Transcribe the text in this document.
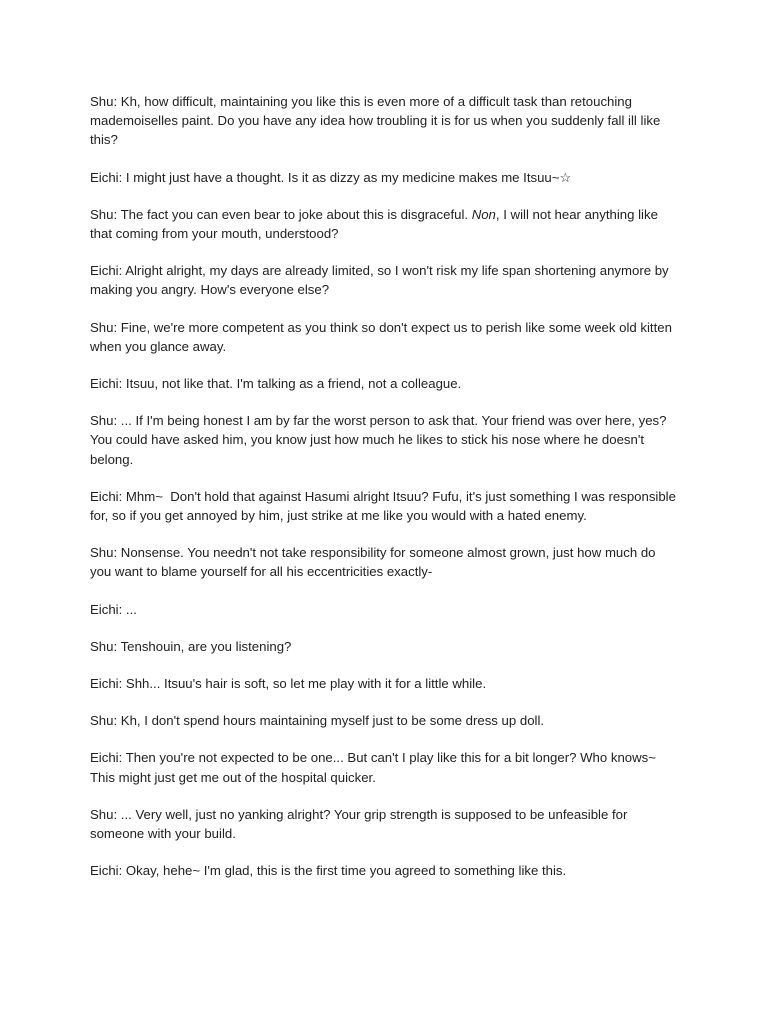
Shu: Kh, how difficult, maintaining you like this is even more of a difficult task than retouching mademoiselles paint. Do you have any idea how troubling it is for us when you suddenly fall ill like this?

Eichi: I might just have a thought. Is it as dizzy as my medicine makes me Itsuu~☆

Shu: The fact you can even bear to joke about this is disgraceful. Non, I will not hear anything like that coming from your mouth, understood?

Eichi: Alright alright, my days are already limited, so I won't risk my life span shortening anymore by making you angry. How's everyone else?

Shu: Fine, we're more competent as you think so don't expect us to perish like some week old kitten when you glance away.

Eichi: Itsuu, not like that. I'm talking as a friend, not a colleague.

Shu: ... If I'm being honest I am by far the worst person to ask that. Your friend was over here, yes? You could have asked him, you know just how much he likes to stick his nose where he doesn't belong.

Eichi: Mhm~  Don't hold that against Hasumi alright Itsuu? Fufu, it's just something I was responsible for, so if you get annoyed by him, just strike at me like you would with a hated enemy.

Shu: Nonsense. You needn't not take responsibility for someone almost grown, just how much do you want to blame yourself for all his eccentricities exactly-

Eichi: ...

Shu: Tenshouin, are you listening?

Eichi: Shh... Itsuu's hair is soft, so let me play with it for a little while.

Shu: Kh, I don't spend hours maintaining myself just to be some dress up doll.

Eichi: Then you're not expected to be one... But can't I play like this for a bit longer? Who knows~ This might just get me out of the hospital quicker.

Shu: ... Very well, just no yanking alright? Your grip strength is supposed to be unfeasible for someone with your build.

Eichi: Okay, hehe~ I'm glad, this is the first time you agreed to something like this.
